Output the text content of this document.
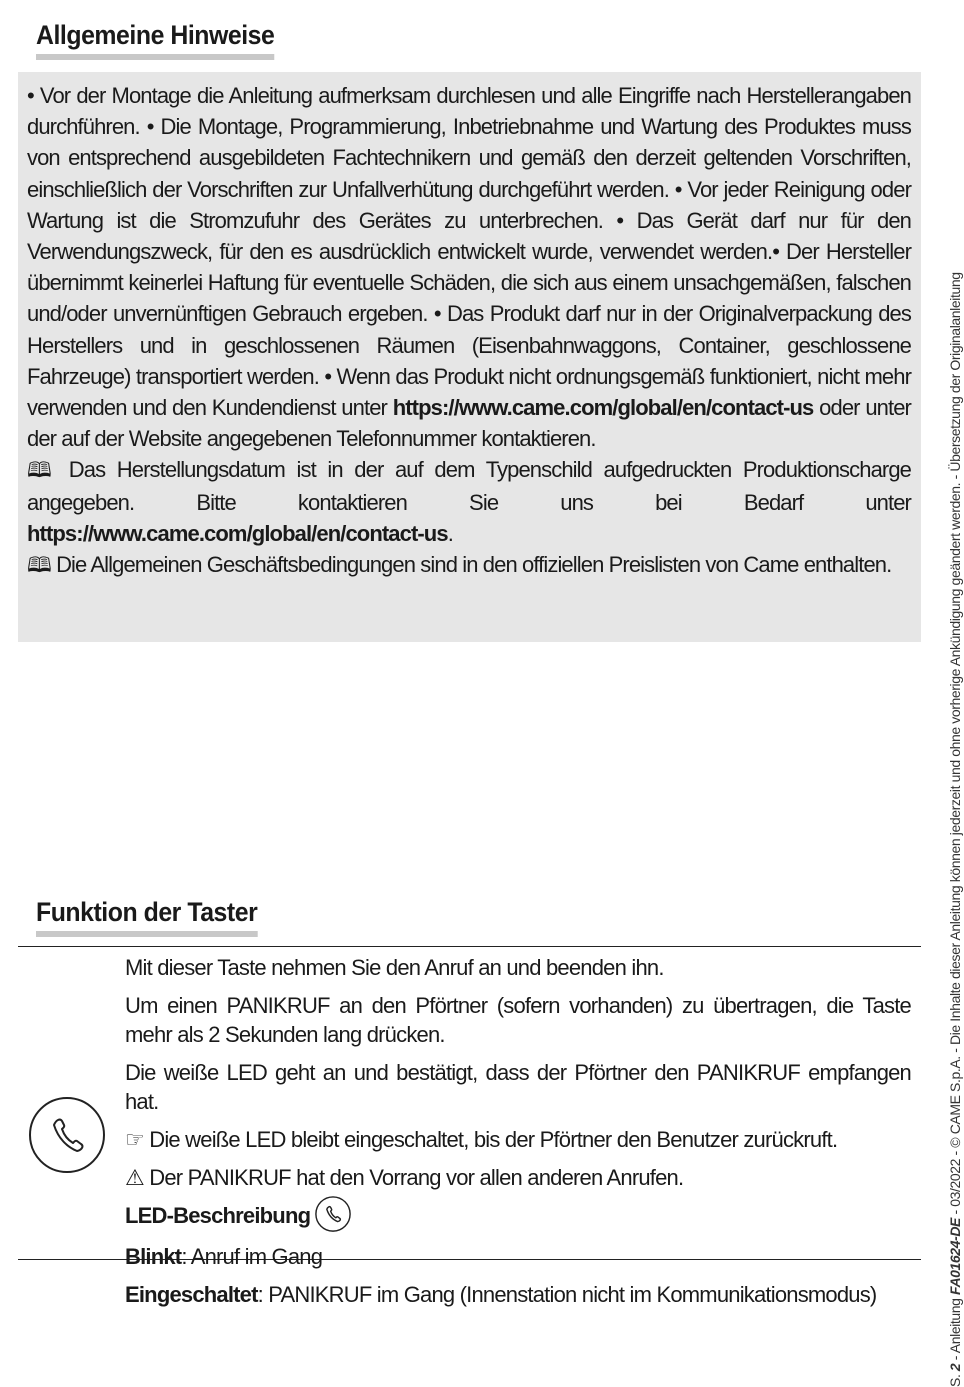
Allgemeine Hinweise

• Vor der Montage die Anleitung aufmerksam durchlesen und alle Eingriffe nach Herstellerangaben durchführen. • Die Montage, Programmierung, Inbetriebnahme und Wartung des Produktes muss von entsprechend ausgebildeten Fachtechnikern und gemäß den derzeit geltenden Vorschriften, einschließlich der Vorschriften zur Unfallverhütung durchgeführt werden. • Vor jeder Reinigung oder Wartung ist die Stromzufuhr des Gerätes zu unterbrechen. • Das Gerät darf nur für den Verwendungszweck, für den es ausdrücklich entwickelt wurde, verwendet werden.• Der Hersteller übernimmt keinerlei Haftung für eventuelle Schäden, die sich aus einem unsachgemäßen, falschen und/oder unvernünftigen Gebrauch ergeben. • Das Produkt darf nur in der Originalverpackung des Herstellers und in geschlossenen Räumen (Eisenbahnwaggons, Container, geschlossene Fahrzeuge) transportiert werden. • Wenn das Produkt nicht ordnungsgemäß funktioniert, nicht mehr verwenden und den Kundendienst unter https://www.came.com/global/en/contact-us oder unter der auf der Website angegebenen Telefonnummer kontaktieren.

🕮 Das Herstellungsdatum ist in der auf dem Typenschild aufgedruckten Produktionscharge angegeben. Bitte kontaktieren Sie uns bei Bedarf unter https://www.came.com/global/en/contact-us.

🕮 Die Allgemeinen Geschäftsbedingungen sind in den offiziellen Preislisten von Came enthalten.

Funktion der Taster

Mit dieser Taste nehmen Sie den Anruf an und beenden ihn.

Um einen PANIKRUF an den Pförtner (sofern vorhanden) zu übertragen, die Taste mehr als 2 Sekunden lang drücken.

Die weiße LED geht an und bestätigt, dass der Pförtner den PANIKRUF empfangen hat.

☞ Die weiße LED bleibt eingeschaltet, bis der Pförtner den Benutzer zurückruft.

⚠ Der PANIKRUF hat den Vorrang vor allen anderen Anrufen.

LED-Beschreibung

Blinkt: Anruf im Gang

Eingeschaltet: PANIKRUF im Gang (Innenstation nicht im Kommunikationsmodus)

S. 2 - Anleitung FA01624-DE - 03/2022 - © CAME S.p.A. - Die Inhalte dieser Anleitung können jederzeit und ohne vorherige Ankündigung geändert werden. - Übersetzung der Originalanleitung
